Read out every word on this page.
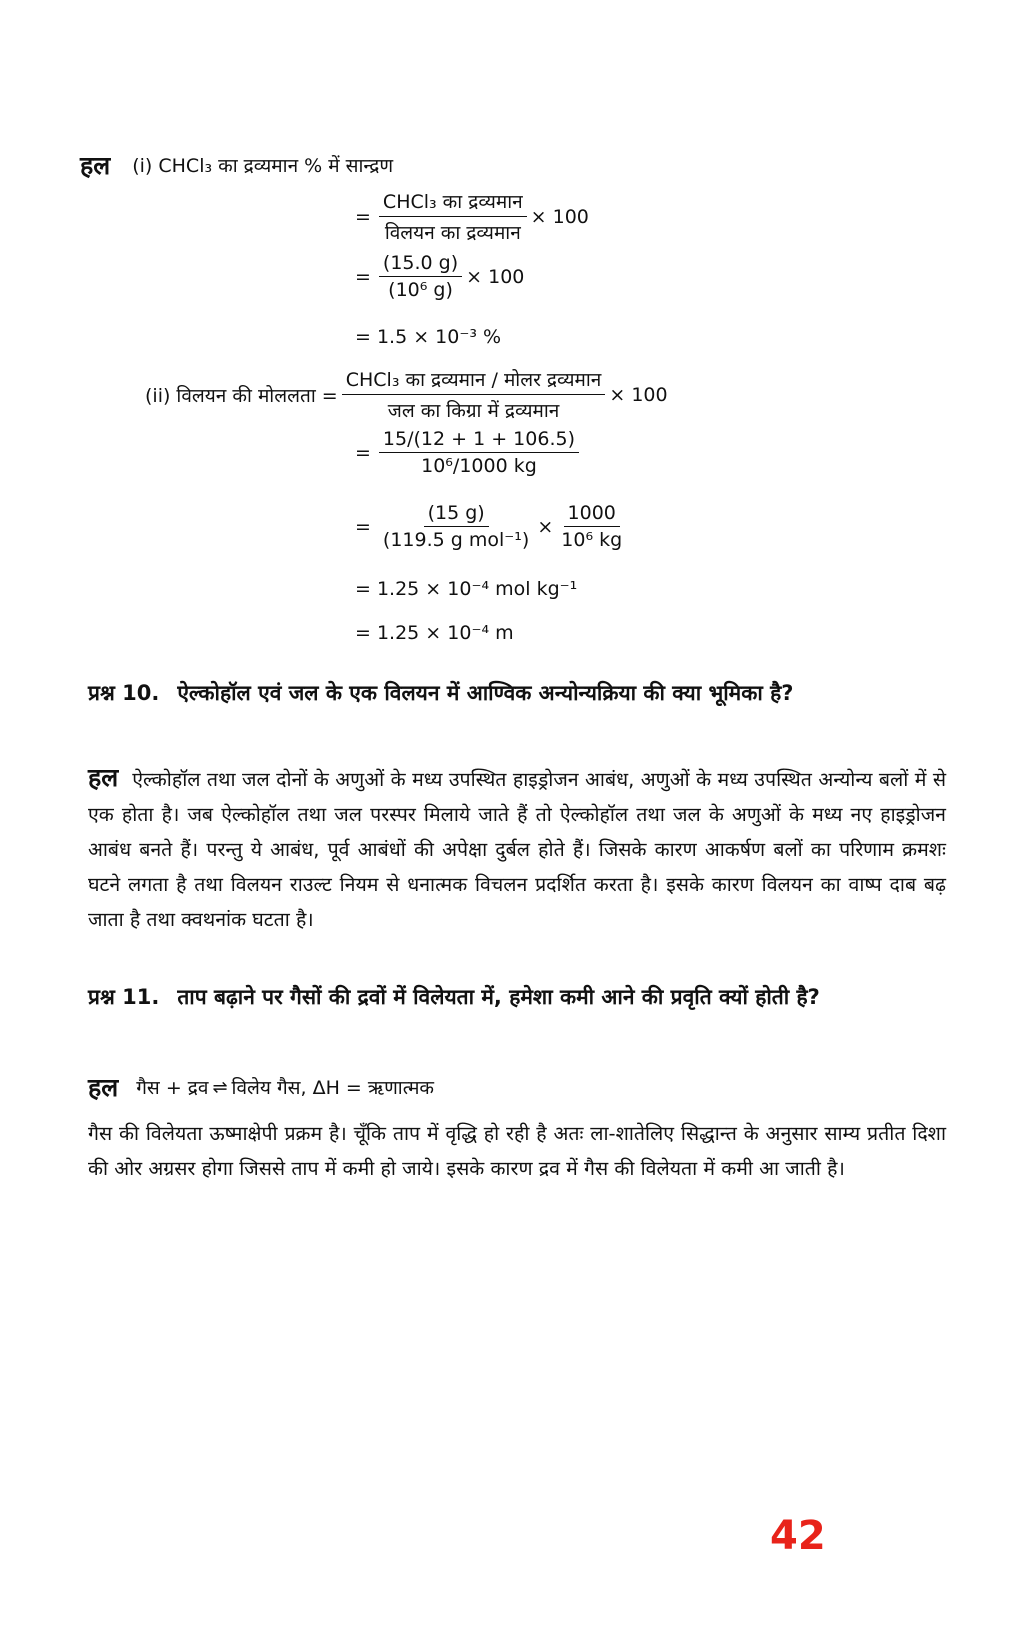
हल (i) CHCl₃ का द्रव्यमान % में सान्द्रण
= $\frac{\text{CHCl₃ का द्रव्यमान}}{\text{विलयन का द्रव्यमान}} \times 100$
= $\frac{(15.0 g)}{\text{(10⁶ g)}} \times 100$
= 1.5 × 10⁻³ %
(ii) विलयन की मोललता = $\frac{\text{CHCl₃ का द्रव्यमान / मोलर द्रव्यमान}}{\text{जल का किग्रा में द्रव्यमान}} \times 100$
= $\frac{15/(12 + 1 + 106.5)}{\text{10⁶/1000 kg}}$
= $\frac{(15 g)}{\text{(119.5 g mol⁻¹)}} \times \frac{1000}{\text{10⁶ kg}}$
= 1.25 × 10⁻⁴ mol kg⁻¹
= 1.25 × 10⁻⁴ m
प्रश्न 10. ऐल्कोहॉल एवं जल के एक विलयन में आण्विक अन्योन्यक्रिया की क्या भूमिका है?
हल ऐल्कोहॉल तथा जल दोनों के अणुओं के मध्य उपस्थित हाइड्रोजन आबंध, अणुओं के मध्य उपस्थित अन्योन्य बलों में से एक होता है। जब ऐल्कोहॉल तथा जल परस्पर मिलाये जाते हैं तो ऐल्कोहॉल तथा जल के अणुओं के मध्य नए हाइड्रोजन आबंध बनते हैं। परन्तु ये आबंध, पूर्व आबंधों की अपेक्षा दुर्बल होते हैं। जिसके कारण आकर्षण बलों का परिणाम क्रमशः घटने लगता है तथा विलयन राउल्ट नियम से धनात्मक विचलन प्रदर्शित करता है। इसके कारण विलयन का वाष्प दाब बढ़ जाता है तथा क्वथनांक घटता है।
प्रश्न 11. ताप बढ़ाने पर गैसों की द्रवों में विलेयता में, हमेशा कमी आने की प्रवृति क्यों होती है?
हल गैस + द्रव ⇌ विलेय गैस, ΔH = ऋणात्मक
गैस की विलेयता ऊष्माक्षेपी प्रक्रम है। चूँकि ताप में वृद्धि हो रही है अतः ला-शातेलिए सिद्धान्त के अनुसार साम्य प्रतीत दिशा की ओर अग्रसर होगा जिससे ताप में कमी हो जाये। इसके कारण द्रव में गैस की विलेयता में कमी आ जाती है।
42
